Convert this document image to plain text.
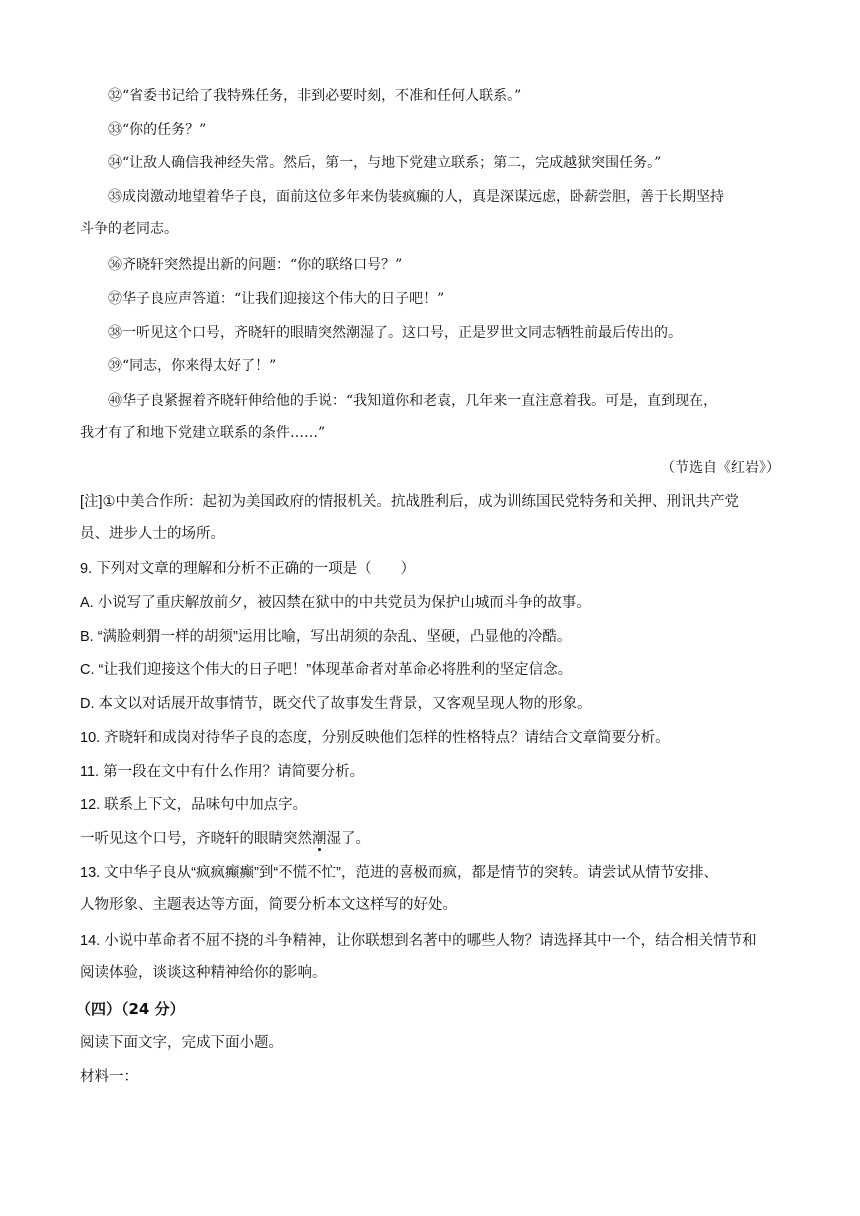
㉜“省委书记给了我特殊任务，非到必要时刻，不准和任何人联系。”
㉝“你的任务？”
㉞“让敌人确信我神经失常。然后，第一，与地下党建立联系；第二，完成越狱突围任务。”
㉟成岗激动地望着华子良，面前这位多年来伪装疯癫的人，真是深谋远虑，卧薪尝胆，善于长期坚持
斗争的老同志。
㊱齐晓轩突然提出新的问题：“你的联络口号？”
㊲华子良应声答道：“让我们迎接这个伟大的日子吧！”
㊳一听见这个口号，齐晓轩的眼睛突然潮湿了。这口号，正是罗世文同志牺牲前最后传出的。
㊴“同志，你来得太好了！”
㊵华子良紧握着齐晓轩伸给他的手说：“我知道你和老袁，几年来一直注意着我。可是，直到现在，
我才有了和地下党建立联系的条件……”
（节选自《红岩》）
[注]①中美合作所：起初为美国政府的情报机关。抗战胜利后，成为训练国民党特务和关押、刑讯共产党
员、进步人士的场所。
9. 下列对文章的理解和分析不正确的一项是（　　）
A. 小说写了重庆解放前夕，被囚禁在狱中的中共党员为保护山城而斗争的故事。
B. “满脸刺猬一样的胡须”运用比喻，写出胡须的杂乱、坚硬，凸显他的冷酷。
C. “让我们迎接这个伟大的日子吧！”体现革命者对革命必将胜利的坚定信念。
D. 本文以对话展开故事情节，既交代了故事发生背景，又客观呈现人物的形象。
10. 齐晓轩和成岗对待华子良的态度，分别反映他们怎样的性格特点？请结合文章简要分析。
11. 第一段在文中有什么作用？请简要分析。
12. 联系上下文，品味句中加点字。
一听见这个口号，齐晓轩的眼睛突然潮湿了。
13. 文中华子良从“疯疯癫癫”到“不慌不忙”，范进的喜极而疯，都是情节的突转。请尝试从情节安排、
人物形象、主题表达等方面，简要分析本文这样写的好处。
14. 小说中革命者不屈不挠的斗争精神，让你联想到名著中的哪些人物？请选择其中一个，结合相关情节和
阅读体验，谈谈这种精神给你的影响。
（四）（24 分）
阅读下面文字，完成下面小题。
材料一：
